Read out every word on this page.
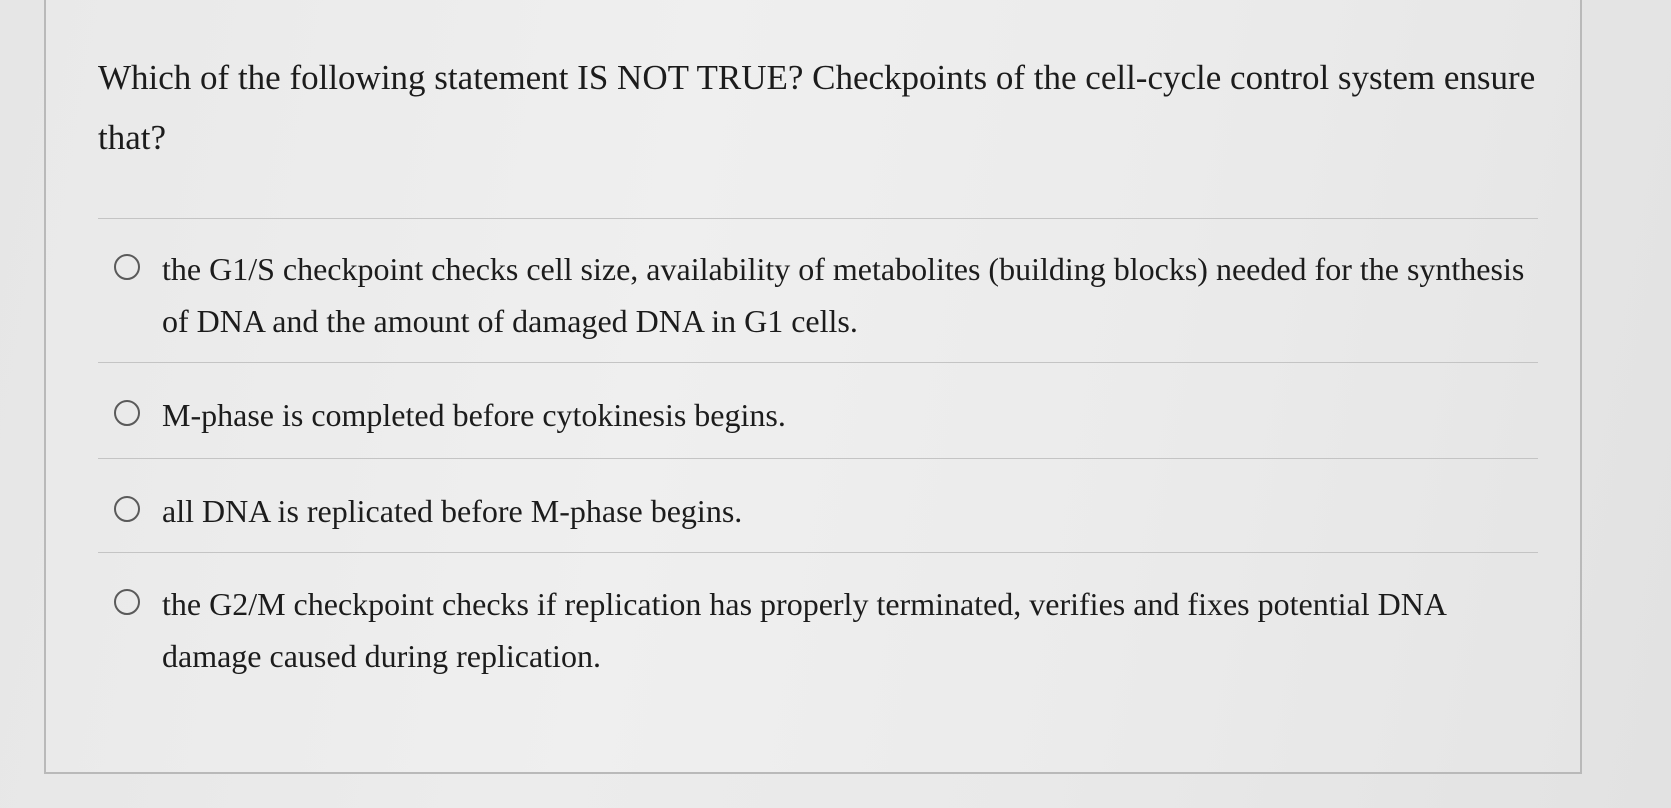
Which of the following statement IS NOT TRUE? Checkpoints of the cell-cycle control system ensure that?

the G1/S checkpoint checks cell size, availability of metabolites (building blocks) needed for the synthesis of DNA and the amount of damaged DNA in G1 cells.
M-phase is completed before cytokinesis begins.
all DNA is replicated before M-phase begins.
the G2/M checkpoint checks if replication has properly terminated, verifies and fixes potential DNA damage caused during replication.
